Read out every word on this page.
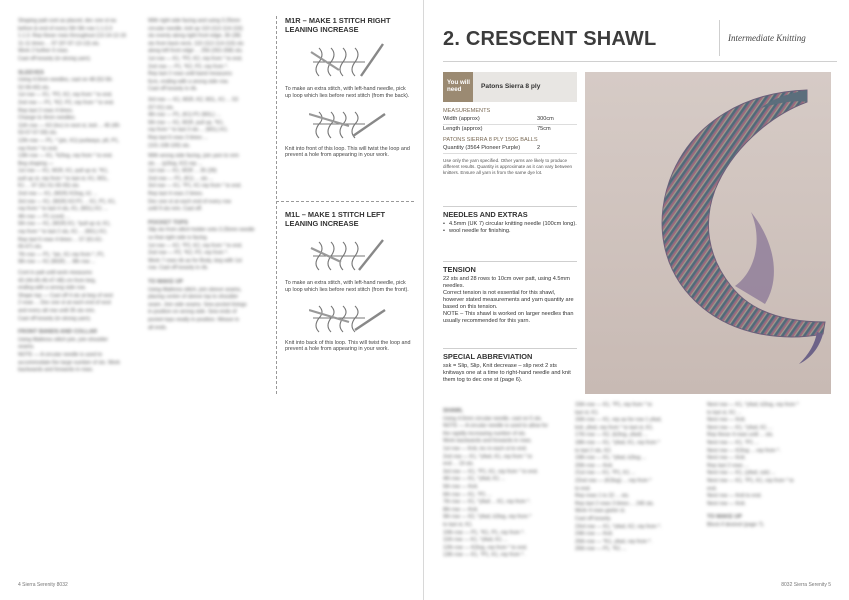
Shaping patt cont as placed, dec one st ea
before & end of every 5th 5th row 1.1.3.3
1.1.3. Rep these rows throughout (13-14-12-16
11-11 times ... 97 (97-97-13-13) sts.
Work 2 further 6 rows.
Cast off loosely (in strong yarn).

SLEEVES

Using 4.0mm needles, cast on 48 (52-56-
52-56-60) sts.
1st row — K1, *P2, K2, rep from * to end.
2nd row — P1, *K2, P2, rep from * to end.
Rep last 2 rows 4 times.
Change to 4mm needles.
11th row — K3 (Inc) in next st, knit ... 45 (49-
53-57-57-59) sts.
12th row — P1, * (pic, K1) purlways, p6, P1,
rep from * to end.
13th row — K1, *k2tog, rep from * to end.
Beg shaping —
1st row — K1, M1R, K1, pull up st, *K1,
pull up st, rep from * to last st, K1, M1L,
K1 ... 97 (51-51-55-55) sts.
2nd row — K1, (M1R) K2tog, k1 ...
3rd row — K1, (M1R) K3 P1 ... K1, P1, K1,
rep from * to last 4 sts, K1, (M1L) K1 ...
4th row — P1 (cont) ...
5th row — K1, (M1R) K1, *pull up st, K1,
rep from * to last 2 sts, K1 ... (M1L) K1.
Rep last 6 rows 4 times ... 57 (61-61-
65-67) sts.
7th row — P1, *pic, K1 rep from *, P1.
9th row — K1 (M1R) ... 8th row ...

Cont in patt until work measures
43 (44-45-46-47-48) cm from beg,
ending with a wrong side row.
Shape top — Cast off 4 sts at beg of next
2 rows ... Dec one st at each end of next
and every alt row until 35 sts rem.
Cast off loosely (in strong yarn).

FRONT BANDS AND COLLAR

Using Mattress stitch join, join shoulder
seams.
NOTE — A circular needle is used to
accommodate the large number of sts. Work
backwards and forwards in rows.

With right side facing and using 3.25mm
circular needle, knit up 110 (112-114-116)
sts evenly along right front edge, 36 (38)
sts from back neck, 110 (112-114-116) sts
along left front edge ... 256 (262-268) sts.
1st row — K1, *P2, K2, rep from * to end.
2nd row — P1, *K2, P2, rep from *.
Rep last 2 rows until band measures
6cm, ending with a wrong side row.
Cast off loosely in rib.

3rd row — K1, M1R, K2, M1L, K1 ... 53
(57-61) sts.
4th row — P1, (K1) P1 (M1L) ...
5th row — K1, M1R, pull up, *K1,
rep from * to last 3 sts ... (M1L) K1.
Rep last 6 rows 3 times ...
(101-108-100) sts.

With wrong side facing, join yarn to rem
sts ... (p2tog, K2) rep ...
1st row — K1, M1R ... 35 (39)
2nd row — P1, (K1) ... sts ...
3rd row — K1, *P1, K1 rep from * to end.
Rep last 4 rows 2 times.
Dec one st at each end of every row
until 9 sts rem. Cast off.

POCKET TOPS

Slip sts from stitch holder onto 3.25mm needle
so that right side is facing.
1st row — K2, *P2, K2, rep from * to end.
2nd row — P2, *K2, P2, rep from *.
Work 7 rows rib as for Body, beg with 1st
row. Cast off loosely in rib.

TO MAKE UP

Using Mattress stitch, join sleeve seams,
placing centre of sleeve top to shoulder
seam. Join side seams. Sew pocket linings
in position on wrong side. Sew ends of
pocket tops neatly in position. Weave in
all ends.

M1R – MAKE 1 STITCH RIGHT LEANING INCREASE
To make an extra stitch, with left-hand needle, pick up loop which lies before next stitch (from the back).
Knit into front of this loop. This will twist the loop and prevent a hole from appearing in your work.
M1L – MAKE 1 STITCH LEFT LEANING INCREASE
To make an extra stitch, with left-hand needle, pick up loop which lies before next stitch (from the front).
Knit into back of this loop. This will twist the loop and prevent a hole from appearing in your work.
4 Sierra Serenity 8032
2. CRESCENT SHAWL	Intermediate Knitting
You will need	Patons Sierra 8 ply
MEASUREMENTS
Width (approx)	300cm
Length (approx)	75cm
PATONS SIERRA 8 PLY 150G BALLS
Quantity (3564 Pioneer Purple)	2
Use only the yarn specified. Other yarns are likely to produce different results. Quantity is approximate as it can vary between knitters. Ensure all yarn is from the same dye lot.
NEEDLES AND EXTRAS
• 4.5mm (UK 7) circular knitting needle (100cm long).
• wool needle for finishing.
TENSION
22 sts and 28 rows to 10cm over patt, using 4.5mm needles.
Correct tension is not essential for this shawl, however stated measurements and yarn quantity are based on this tension.
NOTE – This shawl is worked on larger needles than usually recommended for this yarn.
SPECIAL ABBREVIATION
ssk = Slip, Slip, Knit decrease – slip next 2 sts knitways one at a time to right-hand needle and knit them tog to dec one st (page 6).
SHAWL

Using 4.5mm circular needle, cast on 5 sts.
NOTE — A circular needle is used to allow for
the rapidly increasing number of sts.
Work backwards and forwards in rows.
1st row — Knit, inc in each st to end.
2nd row — K1, *yfwd, K1, rep from * to
end ... 19 sts.
3rd row — K1, *P1, K1, rep from * to end.
4th row — K1, *yfwd, K1 ...
5th row — Knit.
6th row — K1, *P1 ...
7th row — K1, *yfwd ... K1, rep from *.
8th row — Knit.
9th row — K2, *yfwd, k2tog, rep from *
to last st, K1.
10th row — P1, *K1, P1, rep from *.

11th row — K1, *yfwd, K1 ...
12th row — K2tog, rep from * to end.
13th row — K1, *P1, K1, rep from *.

15th row — K1, *P1, rep from * to
last st, K1.
16th row — K1, rep as for row 1 yfwd,
knit, yfwd, rep from * to last st, K1.
17th row — K2, (k2tog, yfwd) ...
18th row — K1, *yfwd, K1, rep from *
to last 2 sts, K2.
19th row — K1, *yfwd, k2tog ...
20th row — Knit.
21st row — K1, *P1, K1 ...
22nd row — (K2tog) ... rep from *
to end.
Rep rows 1 to 22 ... sts.
Rep last 2 rows 3 times ... 245 sts.
Work 4 rows garter st.
Cast off loosely.
23rd row — K1, *yfwd, K2, rep from *.
24th row — Knit.
25th row — *K1, yfwd, rep from *.
26th row — P1, *K1 ...

Next row — K1, *yfwd, k2tog, rep from *
to last st, K1 ...
Next row — Knit.
Next row — K1, *yfwd, K1 ...
Rep these 4 rows until ... sts.
Next row — K1, *P1 ...
Next row — K2tog ... rep from *.
Next row — Knit.
Rep last 2 rows ...

Next row — K1, (yfwd, ssk) ...
Next row — K1, *P1, K1, rep from * to
end.
Next row — Knit to end.
Next row — Knit.

TO MAKE UP

Block if desired (page 7).

8032 Sierra Serenity 5
